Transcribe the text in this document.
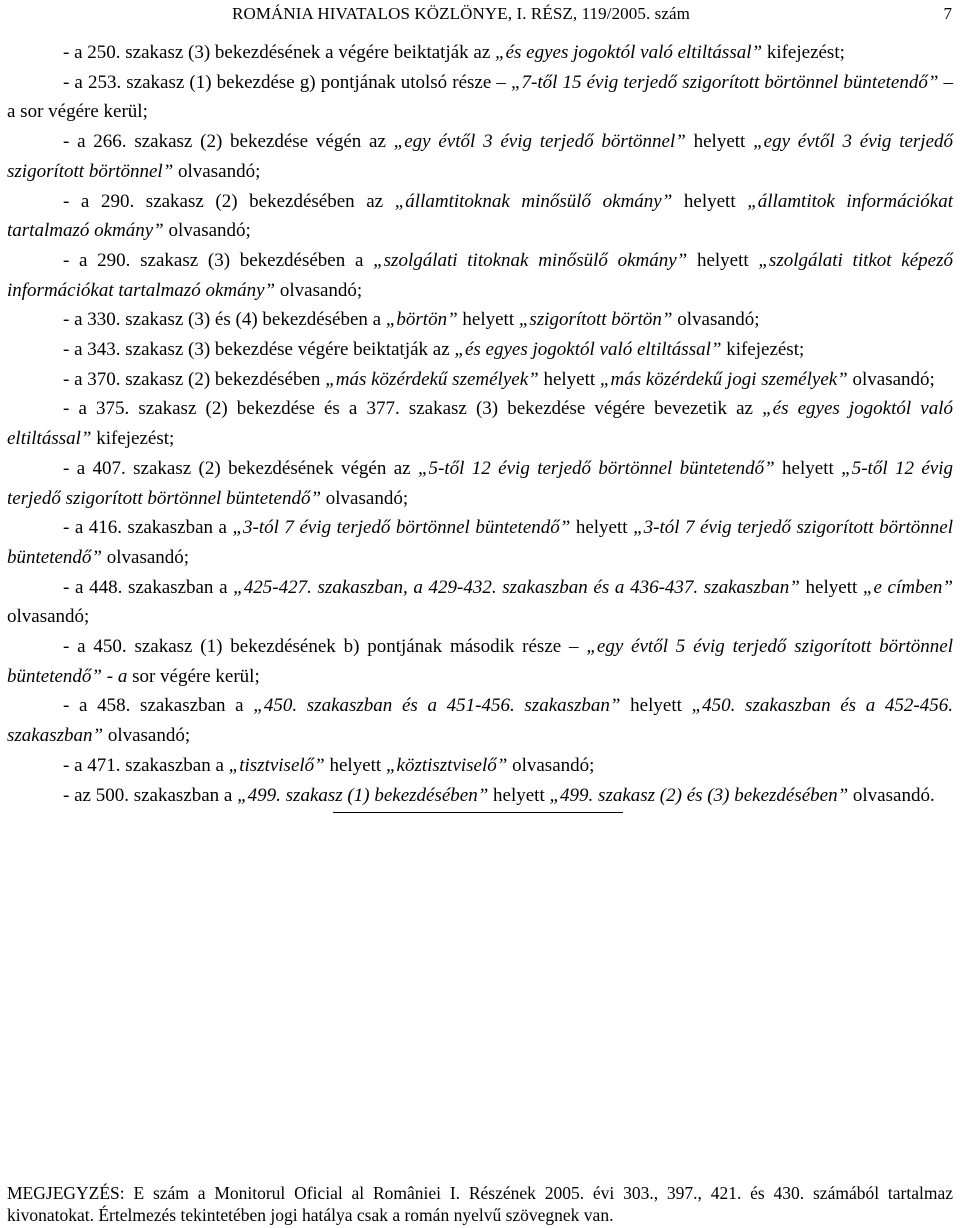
ROMÁNIA HIVATALOS KÖZLÖNYE, I. RÉSZ, 119/2005. szám	7

- a 250. szakasz (3) bekezdésének a végére beiktatják az „és egyes jogoktól való eltiltással” kifejezést;

- a 253. szakasz (1) bekezdése g) pontjának utolsó része – „7-től 15 évig terjedő szigorított börtönnel büntetendő” – a sor végére kerül;

- a 266. szakasz (2) bekezdése végén az „egy évtől 3 évig terjedő börtönnel” helyett „egy évtől 3 évig terjedő szigorított börtönnel” olvasandó;

- a 290. szakasz (2) bekezdésében az „államtitoknak minősülő okmány” helyett „államtitok információkat tartalmazó okmány” olvasandó;

- a 290. szakasz (3) bekezdésében a „szolgálati titoknak minősülő okmány” helyett „szolgálati titkot képező információkat tartalmazó okmány” olvasandó;

- a 330. szakasz (3) és (4) bekezdésében a „börtön” helyett „szigorított börtön” olvasandó;

- a 343. szakasz (3) bekezdése végére beiktatják az „és egyes jogoktól való eltiltással” kifejezést;

- a 370. szakasz (2) bekezdésében „más közérdekű személyek” helyett „más közérdekű jogi személyek” olvasandó;

- a 375. szakasz (2) bekezdése és a 377. szakasz (3) bekezdése végére bevezetik az „és egyes jogoktól való eltiltással” kifejezést;

- a 407. szakasz (2) bekezdésének végén az „5-től 12 évig terjedő börtönnel büntetendő” helyett „5-től 12 évig terjedő szigorított börtönnel büntetendő” olvasandó;

- a 416. szakaszban a „3-tól 7 évig terjedő börtönnel büntetendő” helyett „3-tól 7 évig terjedő szigorított börtönnel büntetendő” olvasandó;

- a 448. szakaszban a „425-427. szakaszban, a 429-432. szakaszban és a 436-437. szakaszban” helyett „e címben” olvasandó;

- a 450. szakasz (1) bekezdésének b) pontjának második része – „egy évtől 5 évig terjedő szigorított börtönnel büntetendő” - a sor végére kerül;

- a 458. szakaszban a „450. szakaszban és a 451-456. szakaszban” helyett „450. szakaszban és a 452-456. szakaszban” olvasandó;

- a 471. szakaszban a „tisztviselő” helyett „köztisztviselő” olvasandó;

- az 500. szakaszban a „499. szakasz (1) bekezdésében” helyett „499. szakasz (2) és (3) bekezdésében” olvasandó.

MEGJEGYZÉS: E szám a Monitorul Oficial al României I. Részének 2005. évi 303., 397., 421. és 430. számából tartalmaz kivonatokat. Értelmezés tekintetében jogi hatálya csak a román nyelvű szövegnek van.
